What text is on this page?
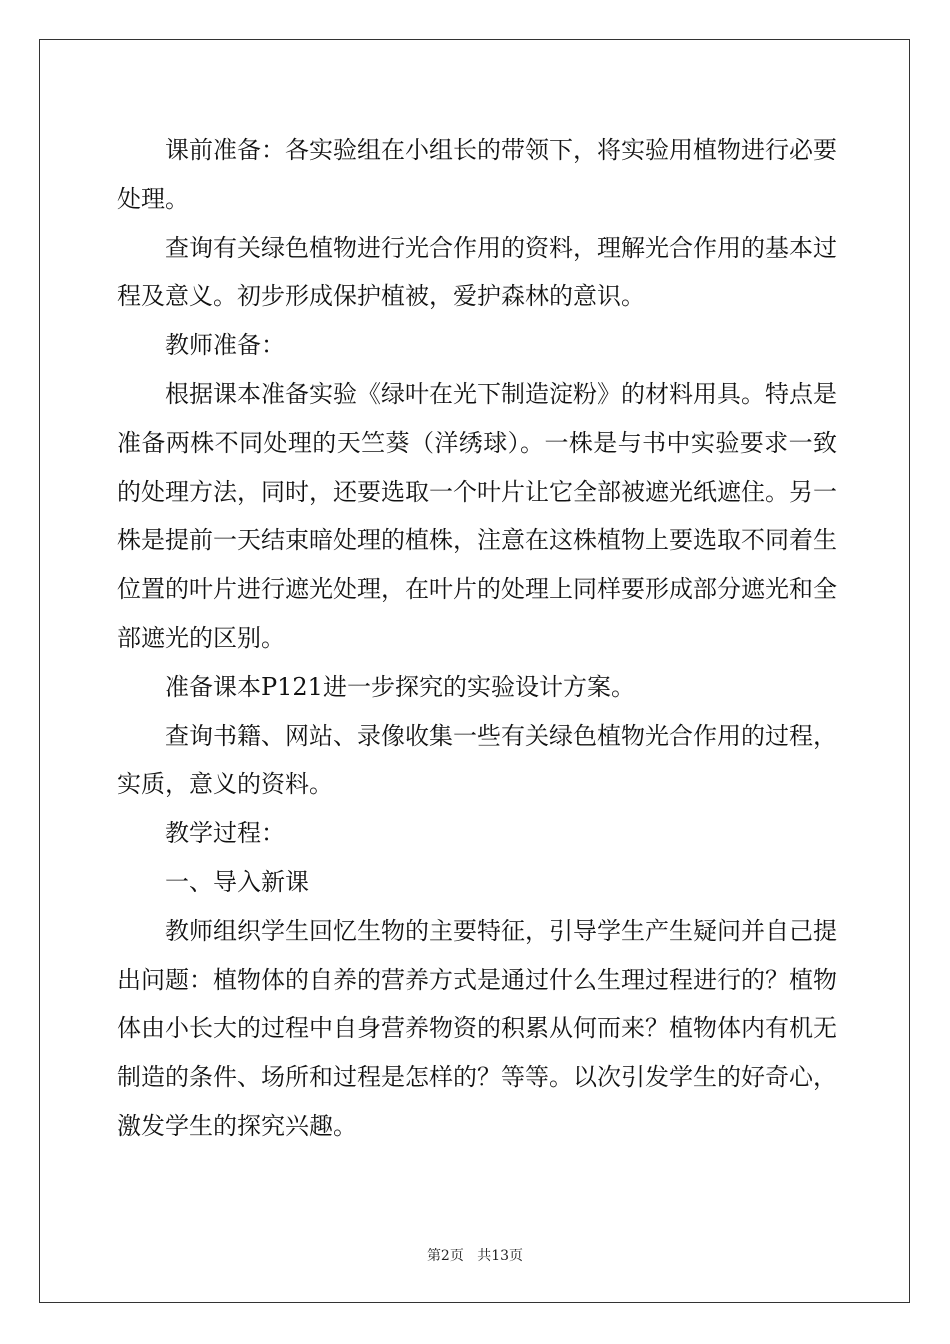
课前准备：各实验组在小组长的带领下，将实验用植物进行必要处理。

查询有关绿色植物进行光合作用的资料，理解光合作用的基本过程及意义。初步形成保护植被，爱护森林的意识。

教师准备：

根据课本准备实验《绿叶在光下制造淀粉》的材料用具。特点是准备两株不同处理的天竺葵（洋绣球）。一株是与书中实验要求一致的处理方法，同时，还要选取一个叶片让它全部被遮光纸遮住。另一株是提前一天结束暗处理的植株，注意在这株植物上要选取不同着生位置的叶片进行遮光处理，在叶片的处理上同样要形成部分遮光和全部遮光的区别。

准备课本P121进一步探究的实验设计方案。

查询书籍、网站、录像收集一些有关绿色植物光合作用的过程，实质，意义的资料。

教学过程：

一、导入新课

教师组织学生回忆生物的主要特征，引导学生产生疑问并自己提出问题：植物体的自养的营养方式是通过什么生理过程进行的？植物体由小长大的过程中自身营养物资的积累从何而来？植物体内有机无制造的条件、场所和过程是怎样的？等等。以次引发学生的好奇心，激发学生的探究兴趣。

第2页 共13页
